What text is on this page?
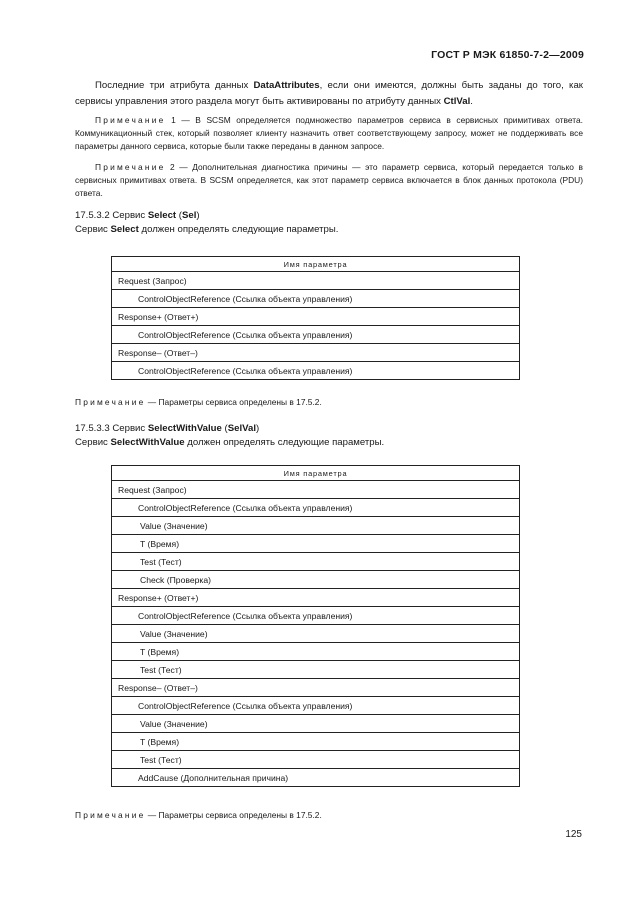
ГОСТ Р МЭК 61850-7-2—2009
Последние три атрибута данных DataAttributes, если они имеются, должны быть заданы до того, как сервисы управления этого раздела могут быть активированы по атрибуту данных CtlVal.
Примечание 1 — В SCSM определяется подмножество параметров сервиса в сервисных примитивах ответа. Коммуникационный стек, который позволяет клиенту назначить ответ соответствующему запросу, может не поддерживать все параметры данного сервиса, которые были также переданы в данном запросе.
Примечание 2 — Дополнительная диагностика причины — это параметр сервиса, который передается только в сервисных примитивах ответа. В SCSM определяется, как этот параметр сервиса включается в блок данных протокола (PDU) ответа.
17.5.3.2 Сервис Select (Sel)
Сервис Select должен определять следующие параметры.
Имя параметра
Request (Запрос)
ControlObjectReference (Ссылка объекта управления)
Response+ (Ответ+)
ControlObjectReference (Ссылка объекта управления)
Response– (Ответ–)
ControlObjectReference (Ссылка объекта управления)
Примечание — Параметры сервиса определены в 17.5.2.
17.5.3.3 Сервис SelectWithValue (SelVal)
Сервис SelectWithValue должен определять следующие параметры.
Имя параметра
Request (Запрос)
ControlObjectReference (Ссылка объекта управления)
Value (Значение)
T (Время)
Test (Тест)
Check (Проверка)
Response+ (Ответ+)
ControlObjectReference (Ссылка объекта управления)
Value (Значение)
T (Время)
Test (Тест)
Response– (Ответ–)
ControlObjectReference (Ссылка объекта управления)
Value (Значение)
T (Время)
Test (Тест)
AddCause (Дополнительная причина)
Примечание — Параметры сервиса определены в 17.5.2.
125
